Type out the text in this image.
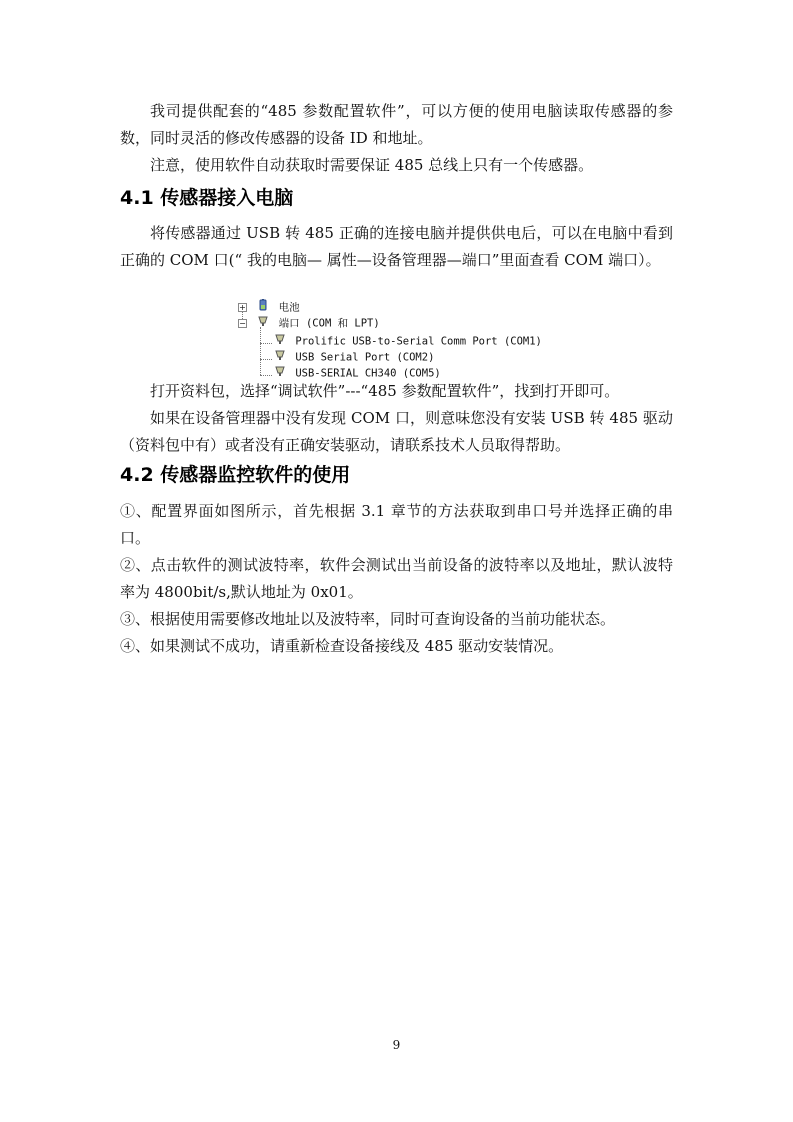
我司提供配套的“485 参数配置软件”，可以方便的使用电脑读取传感器的参数，同时灵活的修改传感器的设备 ID 和地址。

注意，使用软件自动获取时需要保证 485 总线上只有一个传感器。

4.1 传感器接入电脑

将传感器通过 USB 转 485 正确的连接电脑并提供供电后，可以在电脑中看到正确的 COM 口(“ 我的电脑— 属性—设备管理器—端口”里面查看 COM 端口）。

+	电池
−	端口 (COM 和 LPT)
Prolific USB-to-Serial Comm Port (COM1)
USB Serial Port (COM2)
USB-SERIAL CH340 (COM5)

打开资料包，选择“调试软件”---“485 参数配置软件”，找到打开即可。

如果在设备管理器中没有发现 COM 口，则意味您没有安装 USB 转 485 驱动（资料包中有）或者没有正确安装驱动，请联系技术人员取得帮助。

4.2 传感器监控软件的使用

①、配置界面如图所示，首先根据 3.1 章节的方法获取到串口号并选择正确的串口。

②、点击软件的测试波特率，软件会测试出当前设备的波特率以及地址，默认波特率为 4800bit/s,默认地址为 0x01。

③、根据使用需要修改地址以及波特率，同时可查询设备的当前功能状态。

④、如果测试不成功，请重新检查设备接线及 485 驱动安装情况。

9
